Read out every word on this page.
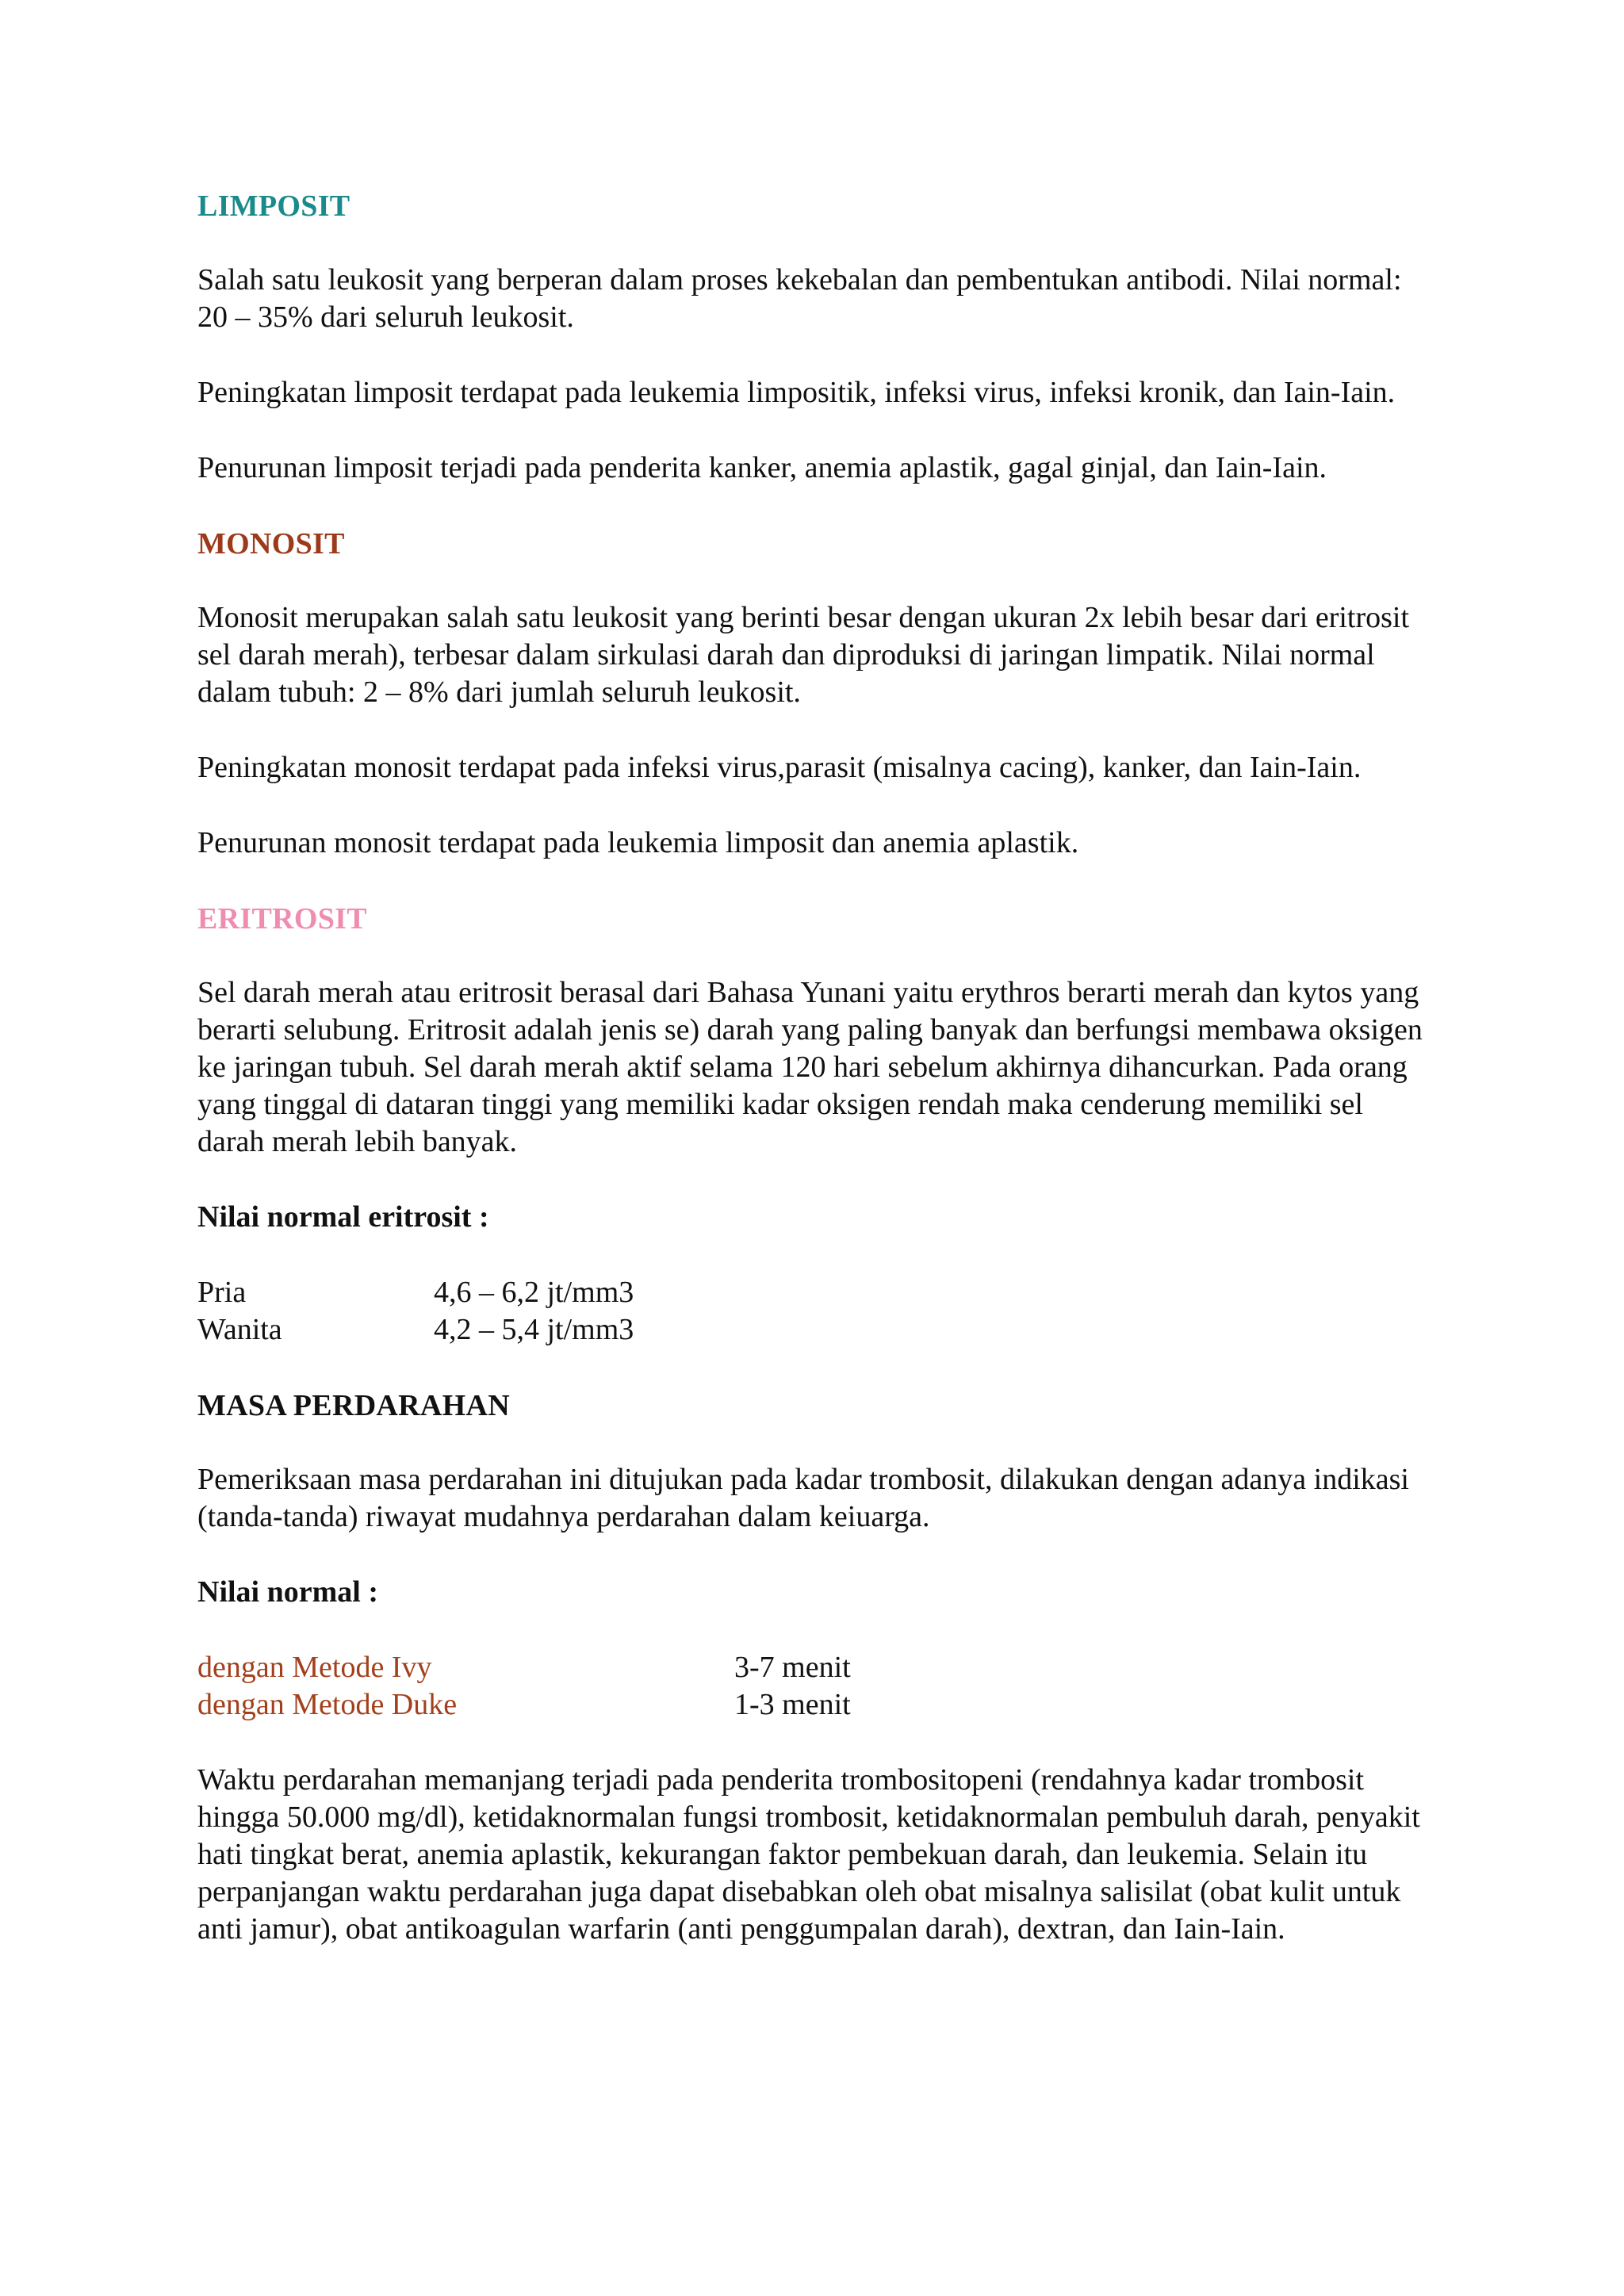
LIMPOSIT

Salah satu leukosit yang berperan dalam proses kekebalan dan pembentukan antibodi. Nilai normal: 20 – 35% dari seluruh leukosit.

Peningkatan limposit terdapat pada leukemia limpositik, infeksi virus, infeksi kronik, dan Iain-Iain.

Penurunan limposit terjadi pada penderita kanker, anemia aplastik, gagal ginjal, dan Iain-Iain.

MONOSIT

Monosit merupakan salah satu leukosit yang berinti besar dengan ukuran 2x lebih besar dari eritrosit sel darah merah), terbesar dalam sirkulasi darah dan diproduksi di jaringan limpatik. Nilai normal dalam tubuh: 2 – 8% dari jumlah seluruh leukosit.

Peningkatan monosit terdapat pada infeksi virus,parasit (misalnya cacing), kanker, dan Iain-Iain.

Penurunan monosit terdapat pada leukemia limposit dan anemia aplastik.

ERITROSIT

Sel darah merah atau eritrosit berasal dari Bahasa Yunani yaitu erythros berarti merah dan kytos yang berarti selubung. Eritrosit adalah jenis se) darah yang paling banyak dan berfungsi membawa oksigen ke jaringan tubuh. Sel darah merah aktif selama 120 hari sebelum akhirnya dihancurkan. Pada orang yang tinggal di dataran tinggi yang memiliki kadar oksigen rendah maka cenderung memiliki sel darah merah lebih banyak.

Nilai normal eritrosit :

Pria	4,6 – 6,2 jt/mm3
Wanita	4,2 – 5,4 jt/mm3
MASA PERDARAHAN

Pemeriksaan masa perdarahan ini ditujukan pada kadar trombosit, dilakukan dengan adanya indikasi (tanda-tanda) riwayat mudahnya perdarahan dalam keiuarga.

Nilai normal :

dengan Metode Ivy	3-7 menit
dengan Metode Duke	1-3 menit

Waktu perdarahan memanjang terjadi pada penderita trombositopeni (rendahnya kadar trombosit hingga 50.000 mg/dl), ketidaknormalan fungsi trombosit, ketidaknormalan pembuluh darah, penyakit hati tingkat berat, anemia aplastik, kekurangan faktor pembekuan darah, dan leukemia. Selain itu perpanjangan waktu perdarahan juga dapat disebabkan oleh obat misalnya salisilat (obat kulit untuk anti jamur), obat antikoagulan warfarin (anti penggumpalan darah), dextran, dan Iain-Iain.
